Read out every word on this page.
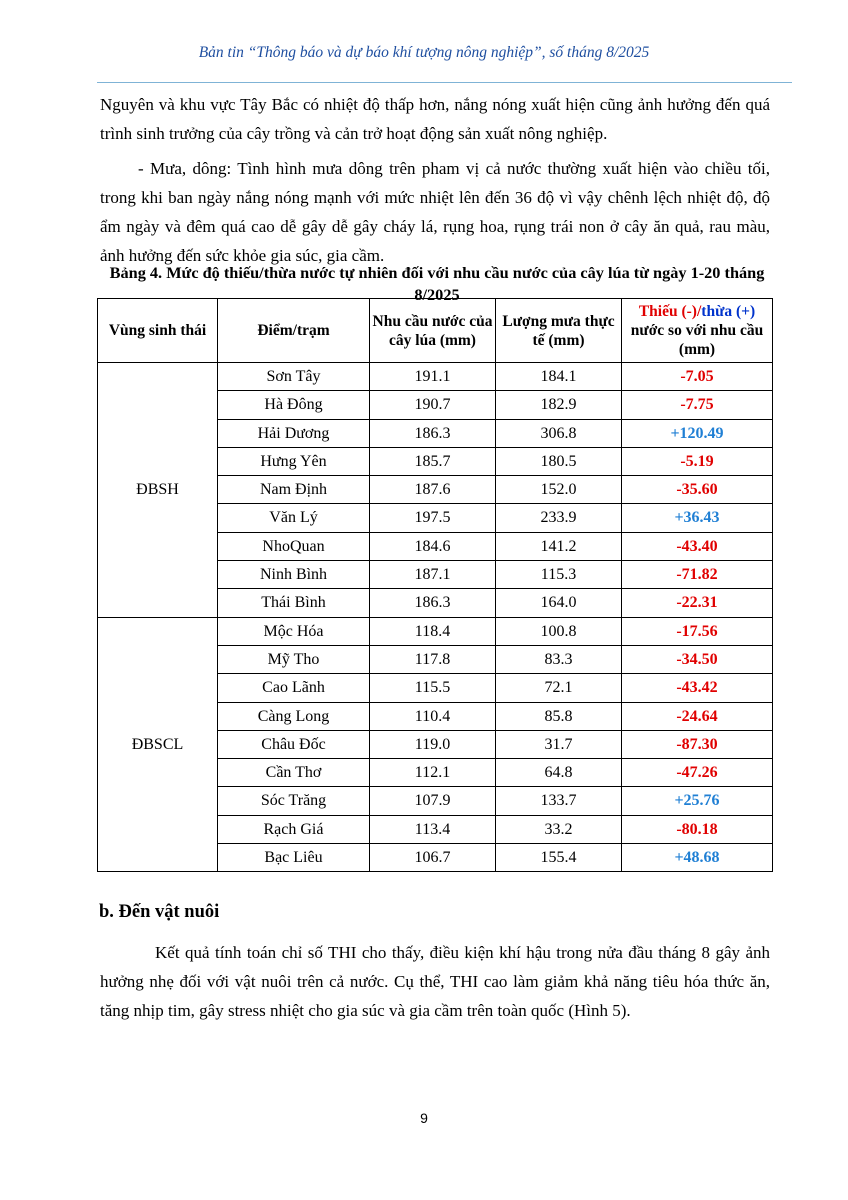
Bản tin “Thông báo và dự báo khí tượng nông nghiệp”, số tháng 8/2025
Nguyên và khu vực Tây Bắc có nhiệt độ thấp hơn, nắng nóng xuất hiện cũng ảnh hưởng đến quá trình sinh trưởng của cây trồng và cản trở hoạt động sản xuất nông nghiệp.
- Mưa, dông: Tình hình mưa dông trên pham vị cả nước thường xuất hiện vào chiều tối, trong khi ban ngày nắng nóng mạnh với mức nhiệt lên đến 36 độ vì vậy chênh lệch nhiệt độ, độ ẩm ngày và đêm quá cao dễ gây dễ gây cháy lá, rụng hoa, rụng trái non ở cây ăn quả, rau màu, ảnh hưởng đến sức khỏe gia súc, gia cầm.
Bảng 4. Mức độ thiếu/thừa nước tự nhiên đối với nhu cầu nước của cây lúa từ ngày 1-20 tháng 8/2025
Vùng sinh thái	Điểm/trạm	Nhu cầu nước của cây lúa (mm)	Lượng mưa thực tế (mm)	Thiếu (-)/thừa (+) nước so với nhu cầu (mm)
ĐBSH	Sơn Tây	191.1	184.1	-7.05
	Hà Đông	190.7	182.9	-7.75
	Hải Dương	186.3	306.8	+120.49
	Hưng Yên	185.7	180.5	-5.19
	Nam Định	187.6	152.0	-35.60
	Văn Lý	197.5	233.9	+36.43
	NhoQuan	184.6	141.2	-43.40
	Ninh Bình	187.1	115.3	-71.82
	Thái Bình	186.3	164.0	-22.31
ĐBSCL	Mộc Hóa	118.4	100.8	-17.56
	Mỹ Tho	117.8	83.3	-34.50
	Cao Lãnh	115.5	72.1	-43.42
	Càng Long	110.4	85.8	-24.64
	Châu Đốc	119.0	31.7	-87.30
	Cần Thơ	112.1	64.8	-47.26
	Sóc Trăng	107.9	133.7	+25.76
	Rạch Giá	113.4	33.2	-80.18
	Bạc Liêu	106.7	155.4	+48.68
b. Đến vật nuôi
Kết quả tính toán chỉ số THI cho thấy, điều kiện khí hậu trong nửa đầu tháng 8 gây ảnh hưởng nhẹ đối với vật nuôi trên cả nước. Cụ thể, THI cao làm giảm khả năng tiêu hóa thức ăn, tăng nhịp tim, gây stress nhiệt cho gia súc và gia cầm trên toàn quốc (Hình 5).
9
